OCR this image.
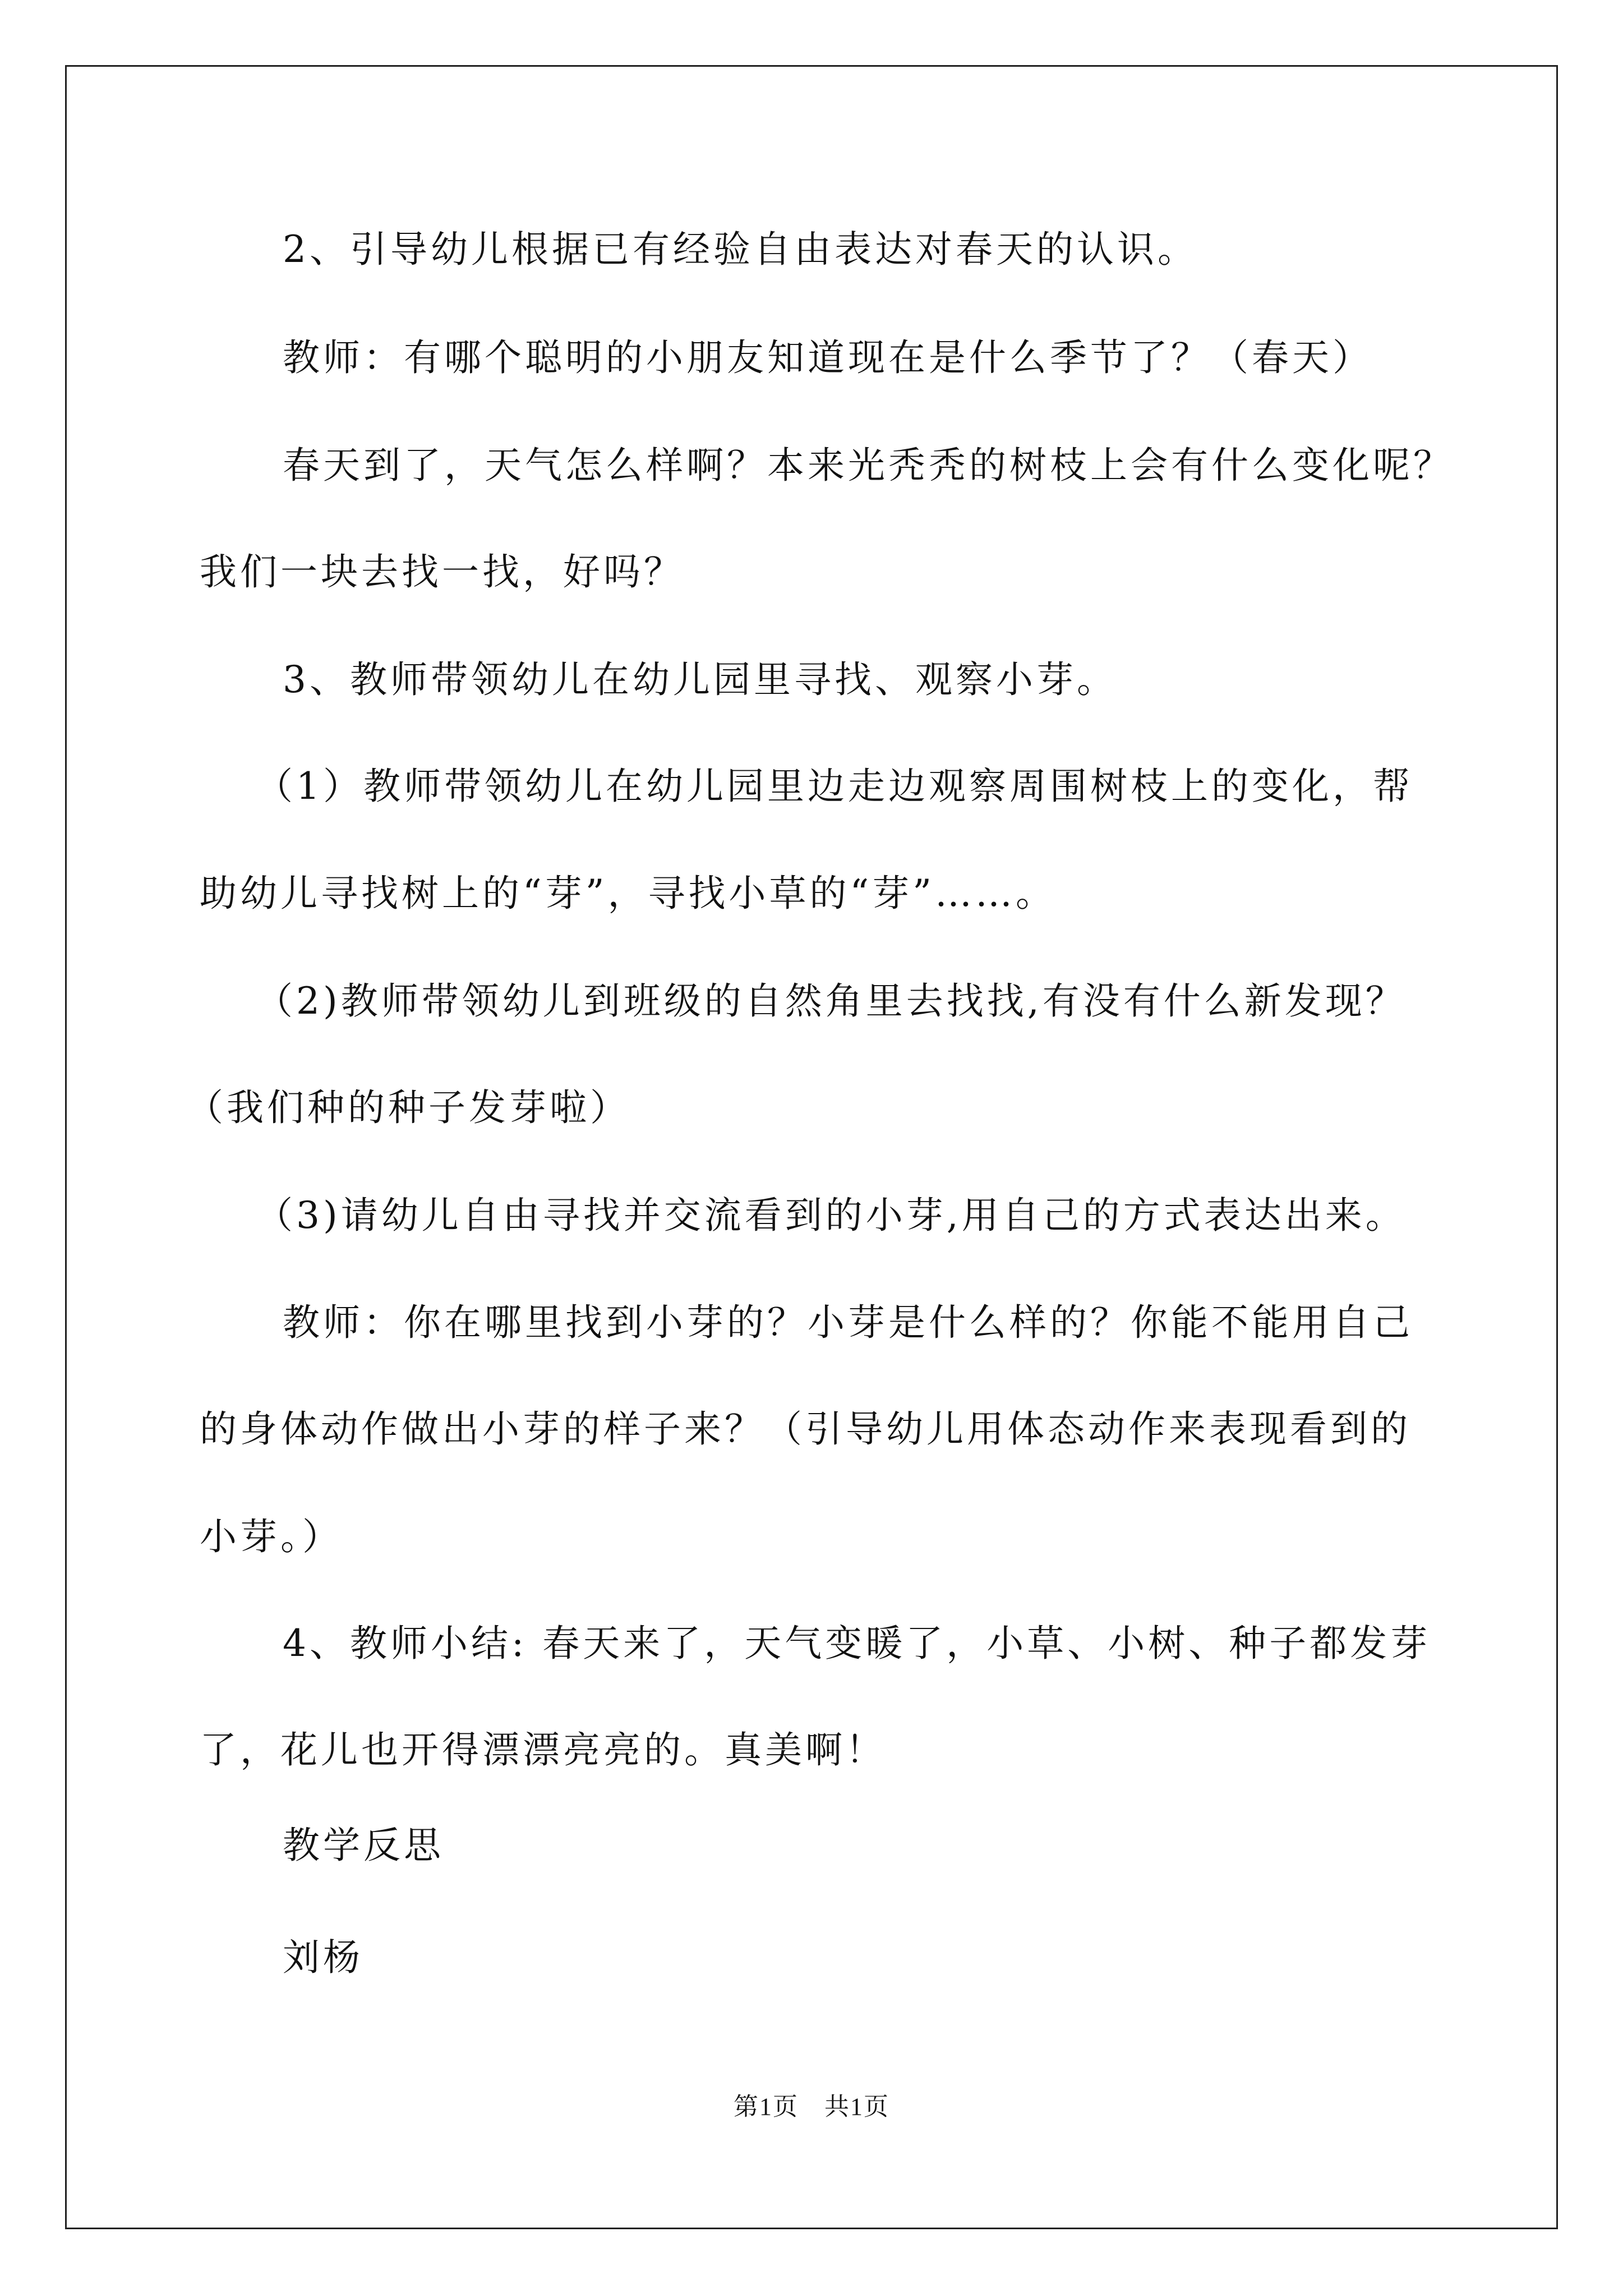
2、引导幼儿根据已有经验自由表达对春天的认识。
教师：有哪个聪明的小朋友知道现在是什么季节了？（春天）
春天到了，天气怎么样啊？本来光秃秃的树枝上会有什么变化呢？
我们一块去找一找，好吗？
3、教师带领幼儿在幼儿园里寻找、观察小芽。
（1）教师带领幼儿在幼儿园里边走边观察周围树枝上的变化，帮
助幼儿寻找树上的“芽”，寻找小草的“芽”……。
（2)教师带领幼儿到班级的自然角里去找找,有没有什么新发现？
（我们种的种子发芽啦）
（3)请幼儿自由寻找并交流看到的小芽,用自己的方式表达出来。
教师：你在哪里找到小芽的？小芽是什么样的？你能不能用自己
的身体动作做出小芽的样子来？（引导幼儿用体态动作来表现看到的
小芽。）
4、教师小结: 春天来了，天气变暖了，小草、小树、种子都发芽
了，花儿也开得漂漂亮亮的。真美啊！
教学反思
刘杨
第1页　共1页
